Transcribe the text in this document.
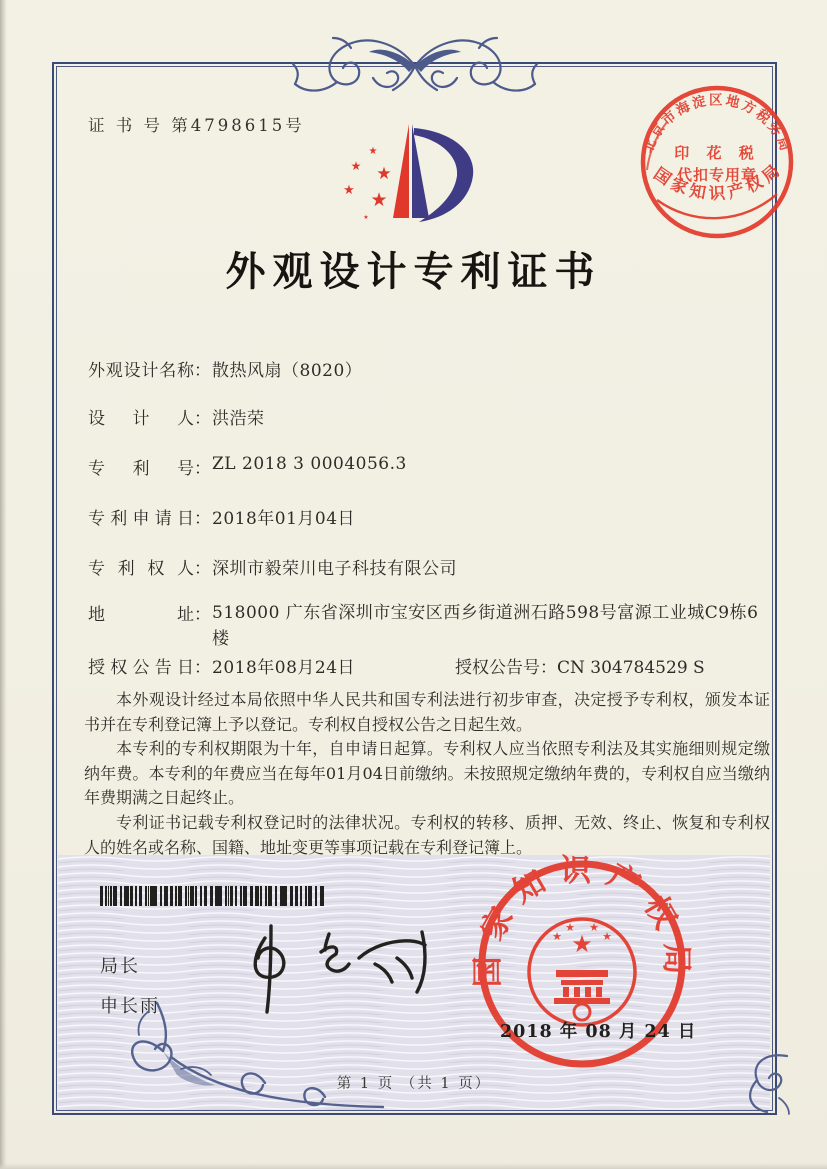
证 书 号 第4798615号
北京市海淀区地方税务局
印 花 税
代扣专用章
国家知识产权局
★
★ ★
★ ★
★
外观设计专利证书
外观设计名称：散热风扇（8020）
设计人：洪浩荣
专利号：ZL 2018 3 0004056.3
专利申请日：2018年01月04日
专利权人：深圳市毅荣川电子科技有限公司
地址：518000 广东省深圳市宝安区西乡街道洲石路598号富源工业城C9栋6楼
授权公告日：2018年08月24日	授权公告号：CN 304784529 S

本外观设计经过本局依照中华人民共和国专利法进行初步审查，决定授予专利权，颁发本证书并在专利登记簿上予以登记。专利权自授权公告之日起生效。

本专利的专利权期限为十年，自申请日起算。专利权人应当依照专利法及其实施细则规定缴纳年费。本专利的年费应当在每年01月04日前缴纳。未按照规定缴纳年费的，专利权自应当缴纳年费期满之日起终止。

专利证书记载专利权登记时的法律状况。专利权的转移、质押、无效、终止、恢复和专利权人的姓名或名称、国籍、地址变更等事项记载在专利登记簿上。

局长
申长雨
国家知识产权局
★
★
★ ★
★
2018 年 08 月 24 日
第 1 页 （共 1 页）
